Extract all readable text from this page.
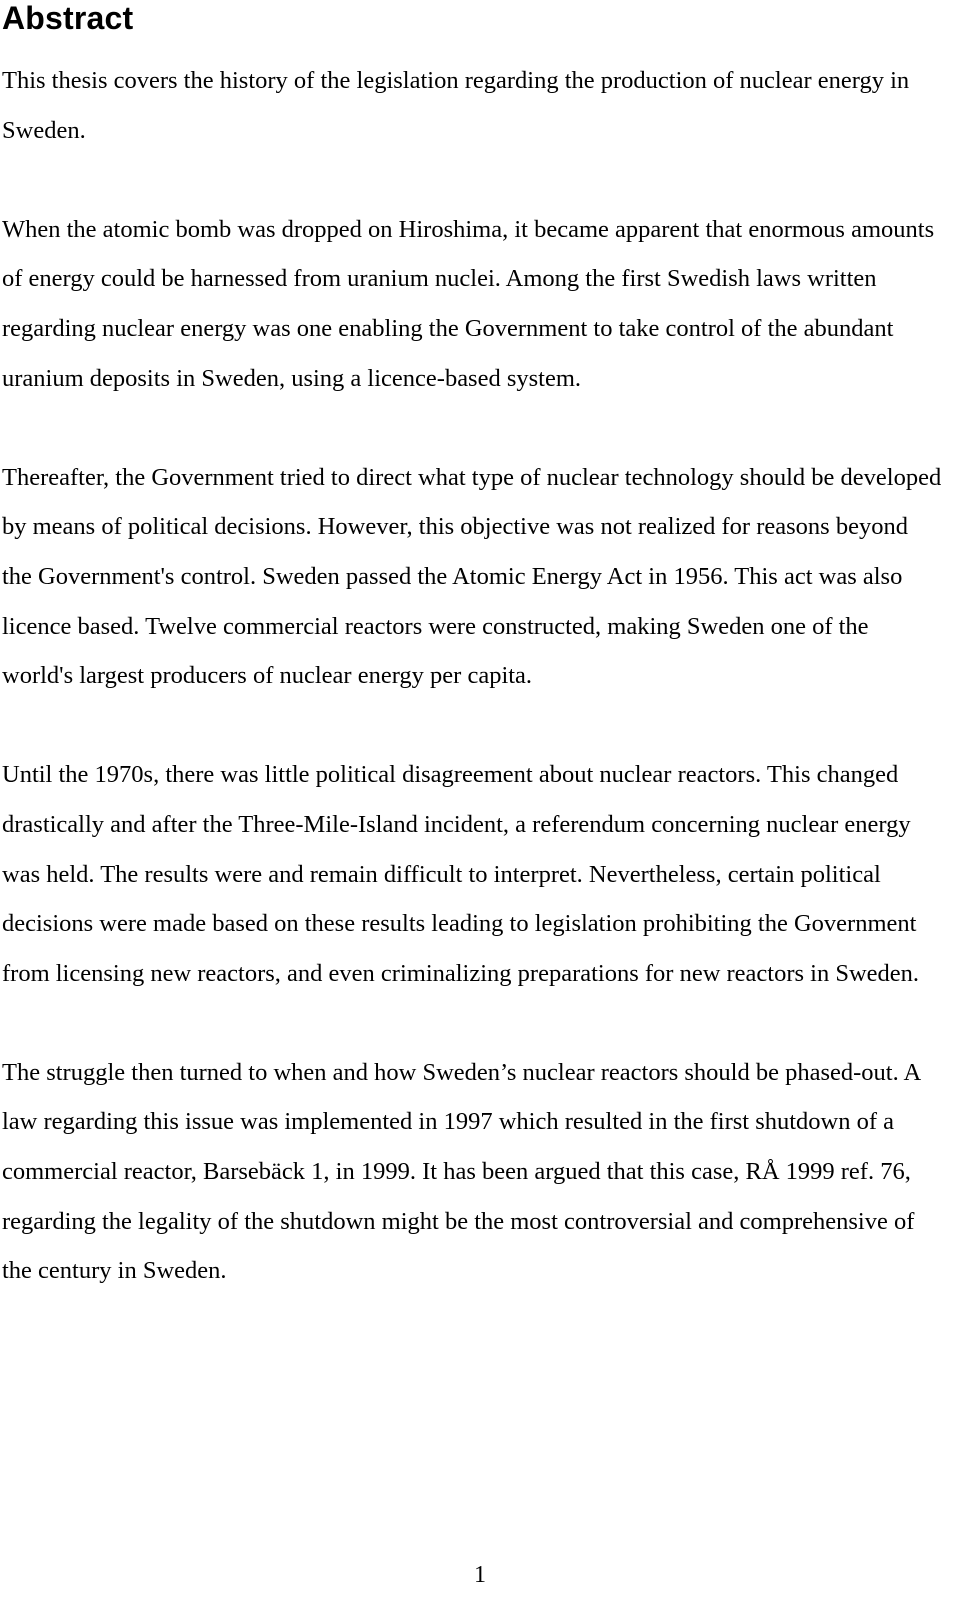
Abstract

This thesis covers the history of the legislation regarding the production of nuclear energy in Sweden.

When the atomic bomb was dropped on Hiroshima, it became apparent that enormous amounts of energy could be harnessed from uranium nuclei. Among the first Swedish laws written regarding nuclear energy was one enabling the Government to take control of the abundant uranium deposits in Sweden, using a licence-based system.

Thereafter, the Government tried to direct what type of nuclear technology should be developed by means of political decisions. However, this objective was not realized for reasons beyond the Government's control. Sweden passed the Atomic Energy Act in 1956. This act was also licence based. Twelve commercial reactors were constructed, making Sweden one of the world's largest producers of nuclear energy per capita.

Until the 1970s, there was little political disagreement about nuclear reactors. This changed drastically and after the Three-Mile-Island incident, a referendum concerning nuclear energy was held. The results were and remain difficult to interpret. Nevertheless, certain political decisions were made based on these results leading to legislation prohibiting the Government from licensing new reactors, and even criminalizing preparations for new reactors in Sweden.

The struggle then turned to when and how Sweden’s nuclear reactors should be phased-out. A law regarding this issue was implemented in 1997 which resulted in the first shutdown of a commercial reactor, Barsebäck 1, in 1999. It has been argued that this case, RÅ 1999 ref. 76, regarding the legality of the shutdown might be the most controversial and comprehensive of the century in Sweden.

1
